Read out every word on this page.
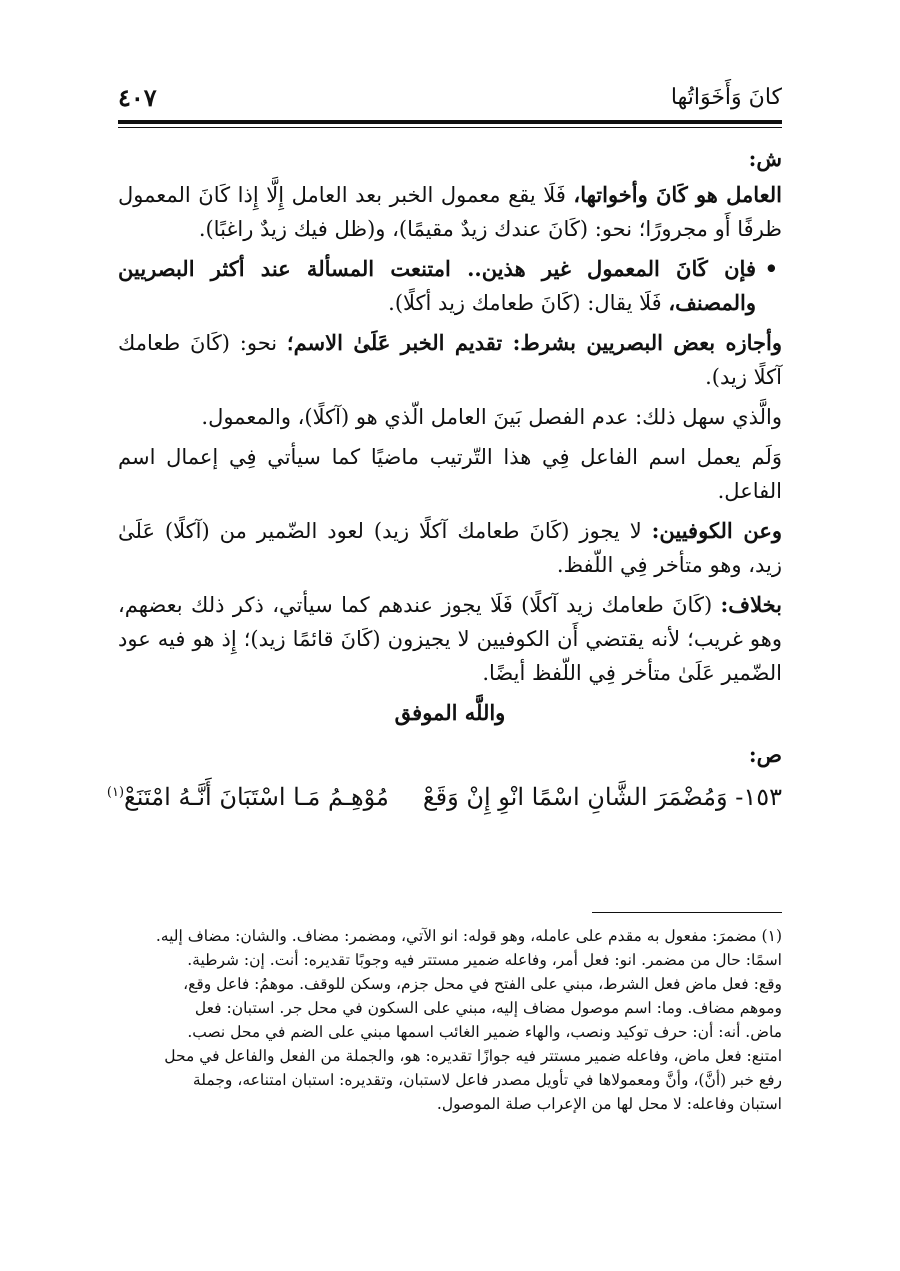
كانَ وَأَخَوَاتُها
٤٠٧

ش:

العامل هو كَانَ وأخواتها، فَلَا يقع معمول الخبر بعد العامل إِلَّا إِذا كَانَ المعمول ظرفًا أَو مجرورًا؛ نحو: (كَانَ عندك زيدٌ مقيمًا)، و(ظل فيك زيدٌ راغبًا).

•
فإن كَانَ المعمول غير هذين.. امتنعت المسألة عند أكثر البصريين والمصنف، فَلَا يقال: (كَانَ طعامك زيد أكلًا).

وأجازه بعض البصريين بشرط: تقديم الخبر عَلَىٰ الاسم؛ نحو: (كَانَ طعامك آكلًا زيد).

والَّذي سهل ذلك: عدم الفصل بَينَ العامل الّذي هو (آكلًا)، والمعمول.

وَلَم يعمل اسم الفاعل فِي هذا التّرتيب ماضيًا كما سيأتي فِي إعمال اسم الفاعل.

وعن الكوفيين: لا يجوز (كَانَ طعامك آكلًا زيد) لعود الضّمير من (آكلًا) عَلَىٰ زيد، وهو متأخر فِي اللّفظ.

بخلاف: (كَانَ طعامك زيد آكلًا) فَلَا يجوز عندهم كما سيأتي، ذكر ذلك بعضهم، وهو غريب؛ لأنه يقتضي أَن الكوفيين لا يجيزون (كَانَ قائمًا زيد)؛ إِذ هو فيه عود الضّمير عَلَىٰ متأخر فِي اللّفظ أيضًا.

واللَّه الموفق

ص:

١٥٣- وَمُضْمَرَ الشَّانِ اسْمًا انْوِ إِنْ وَقَعْمُوْهِـمُ مَـا اسْتَبَانَ أَنَّـهُ امْتَنَعْ$^{(١)}$

(١) مضمرَ: مفعول به مقدم على عامله، وهو قوله: انو الآتي، ومضمر: مضاف. والشان: مضاف إليه.

اسمًا: حال من مضمر. انو: فعل أمر، وفاعله ضمير مستتر فيه وجوبًا تقديره: أنت. إن: شرطية.

وقع: فعل ماض فعل الشرط، مبني على الفتح في محل جزم، وسكن للوقف. موهمُ: فاعل وقع،

وموهم مضاف. وما: اسم موصول مضاف إليه، مبني على السكون في محل جر. استبان: فعل

ماض. أنه: أن: حرف توكيد ونصب، والهاء ضمير الغائب اسمها مبني على الضم في محل نصب.

امتنع: فعل ماض، وفاعله ضمير مستتر فيه جوازًا تقديره: هو، والجملة من الفعل والفاعل في محل

رفع خبر (أنَّ)، وأنَّ ومعمولاها في تأويل مصدر فاعل لاستبان، وتقديره: استبان امتناعه، وجملة

استبان وفاعله: لا محل لها من الإعراب صلة الموصول.
